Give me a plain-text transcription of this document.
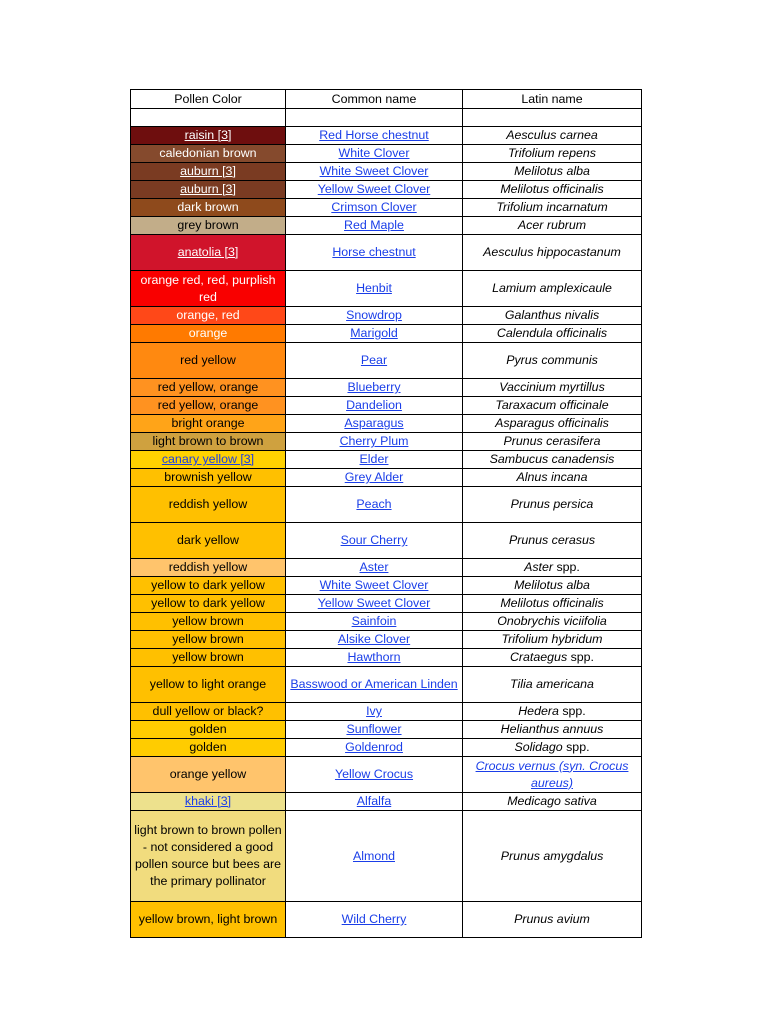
Pollen Color	Common name	Latin name

raisin [3]	Red Horse chestnut	Aesculus carnea
caledonian brown	White Clover	Trifolium repens
auburn [3]	White Sweet Clover	Melilotus alba
auburn [3]	Yellow Sweet Clover	Melilotus officinalis
dark brown	Crimson Clover	Trifolium incarnatum
grey brown	Red Maple	Acer rubrum
anatolia [3]	Horse chestnut	Aesculus hippocastanum
orange red, red, purplish red	Henbit	Lamium amplexicaule
orange, red	Snowdrop	Galanthus nivalis
orange	Marigold	Calendula officinalis
red yellow	Pear	Pyrus communis
red yellow, orange	Blueberry	Vaccinium myrtillus
red yellow, orange	Dandelion	Taraxacum officinale
bright orange	Asparagus	Asparagus officinalis
light brown to brown	Cherry Plum	Prunus cerasifera
canary yellow [3]	Elder	Sambucus canadensis
brownish yellow	Grey Alder	Alnus incana
reddish yellow	Peach	Prunus persica
dark yellow	Sour Cherry	Prunus cerasus
reddish yellow	Aster	Aster spp.
yellow to dark yellow	White Sweet Clover	Melilotus alba
yellow to dark yellow	Yellow Sweet Clover	Melilotus officinalis
yellow brown	Sainfoin	Onobrychis viciifolia
yellow brown	Alsike Clover	Trifolium hybridum
yellow brown	Hawthorn	Crataegus spp.
yellow to light orange	Basswood or American Linden	Tilia americana
dull yellow or black?	Ivy	Hedera spp.
golden	Sunflower	Helianthus annuus
golden	Goldenrod	Solidago spp.
orange yellow	Yellow Crocus	Crocus vernus (syn. Crocus aureus)
khaki [3]	Alfalfa	Medicago sativa
light brown to brown pollen - not considered a good pollen source but bees are the primary pollinator	Almond	Prunus amygdalus
yellow brown, light brown	Wild Cherry	Prunus avium
